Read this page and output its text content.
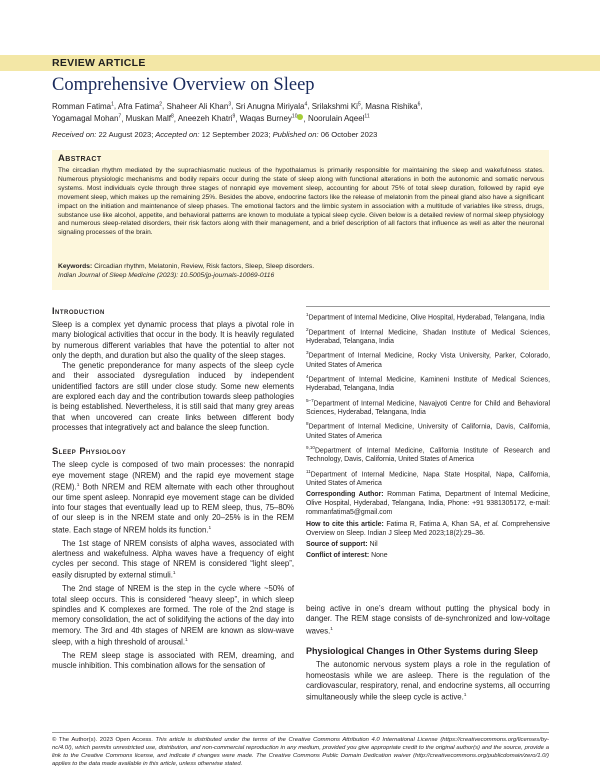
REVIEW ARTICLE
Comprehensive Overview on Sleep
Romman Fatima$^1$, Afra Fatima$^2$, Shaheer Ali Khan$^3$, Sri Anugna Miriyala$^4$, Srilakshmi Ki$^5$, Masna Rishika$^6$,
Yogamagal Mohan$^7$, Muskan Malf$^8$, Aneezeh Khatri$^9$, Waqas Burney$^{10}$ , Noorulain Aqeel$^{11}$
Received on: 22 August 2023; Accepted on: 12 September 2023; Published on: 06 October 2023
Abstract
The circadian rhythm mediated by the suprachiasmatic nucleus of the hypothalamus is primarily responsible for maintaining the sleep and wakefulness states. Numerous physiologic mechanisms and bodily repairs occur during the state of sleep along with functional alterations in both the autonomic and somatic nervous systems. Most individuals cycle through three stages of nonrapid eye movement sleep, accounting for about 75% of total sleep duration, followed by rapid eye movement sleep, which makes up the remaining 25%. Besides the above, endocrine factors like the release of melatonin from the pineal gland also have a significant impact on the initiation and maintenance of sleep phases. The emotional factors and the limbic system in association with a multitude of variables like stress, drugs, substance use like alcohol, appetite, and behavioral patterns are known to modulate a typical sleep cycle. Given below is a detailed review of normal sleep physiology and numerous sleep-related disorders, their risk factors along with their management, and a brief description of all factors that influence as well as alter the neuronal signaling processes of the brain.
Keywords: Circadian rhythm, Melatonin, Review, Risk factors, Sleep, Sleep disorders.
Indian Journal of Sleep Medicine (2023): 10.5005/jp-journals-10069-0116
Introduction

Sleep is a complex yet dynamic process that plays a pivotal role in many biological activities that occur in the body. It is heavily regulated by numerous different variables that have the potential to alter not only the depth, and duration but also the quality of the sleep stages.

The genetic preponderance for many aspects of the sleep cycle and their associated dysregulation induced by independent unidentified factors are still under close study. Some new elements are explored each day and the contribution towards sleep pathologies is being established. Nevertheless, it is still said that many grey areas that when uncovered can create links between different body processes that integratively act and balance the sleep function.

Sleep Physiology

The sleep cycle is composed of two main processes: the nonrapid eye movement stage (NREM) and the rapid eye movement stage (REM).$^1$ Both NREM and REM alternate with each other throughout our time spent asleep. Nonrapid eye movement stage can be divided into four stages that eventually lead up to REM sleep, thus, 75–80% of our sleep is in the NREM state and only 20–25% is in the REM state. Each stage of NREM holds its function.$^1$

The 1st stage of NREM consists of alpha waves, associated with alertness and wakefulness. Alpha waves have a frequency of eight cycles per second. This stage of NREM is considered “light sleep”, easily disrupted by external stimuli.$^1$

The 2nd stage of NREM is the step in the cycle where ~50% of total sleep occurs. This is considered “heavy sleep”, in which sleep spindles and K complexes are formed. The role of the 2nd stage is memory consolidation, the act of solidifying the actions of the day into memory. The 3rd and 4th stages of NREM are known as slow-wave sleep, with a high threshold of arousal.$^1$

The REM sleep stage is associated with REM, dreaming, and muscle inhibition. This combination allows for the sensation of

$^1$Department of Internal Medicine, Olive Hospital, Hyderabad, Telangana, India

$^2$Department of Internal Medicine, Shadan Institute of Medical Sciences, Hyderabad, Telangana, India

$^3$Department of Internal Medicine, Rocky Vista University, Parker, Colorado, United States of America

$^4$Department of Internal Medicine, Kamineni Institute of Medical Sciences, Hyderabad, Telangana, India

$^{5-7}$Department of Internal Medicine, Navajyoti Centre for Child and Behavioral Sciences, Hyderabad, Telangana, India

$^8$Department of Internal Medicine, University of California, Davis, California, United States of America

$^{9,10}$Department of Internal Medicine, California Institute of Research and Technology, Davis, California, United States of America

$^{11}$Department of Internal Medicine, Napa State Hospital, Napa, California, United States of America

Corresponding Author: Romman Fatima, Department of Internal Medicine, Olive Hospital, Hyderabad, Telangana, India, Phone: +91 9381305172, e-mail: rommanfatima5@gmail.com

How to cite this article: Fatima R, Fatima A, Khan SA, et al. Comprehensive Overview on Sleep. Indian J Sleep Med 2023;18(2):29–36.

Source of support: Nil

Conflict of interest: None

being active in one’s dream without putting the physical body in danger. The REM stage consists of de-synchronized and low-voltage waves.$^1$

Physiological Changes in Other Systems during Sleep

The autonomic nervous system plays a role in the regulation of homeostasis while we are asleep. There is the regulation of the cardiovascular, respiratory, renal, and endocrine systems, all occurring simultaneously while the sleep cycle is active.$^1$

© The Author(s). 2023 Open Access. This article is distributed under the terms of the Creative Commons Attribution 4.0 International License (https://creativecommons.org/licenses/by-nc/4.0/), which permits unrestricted use, distribution, and non-commercial reproduction in any medium, provided you give appropriate credit to the original author(s) and the source, provide a link to the Creative Commons license, and indicate if changes were made. The Creative Commons Public Domain Dedication waiver (http://creativecommons.org/publicdomain/zero/1.0/) applies to the data made available in this article, unless otherwise stated.
